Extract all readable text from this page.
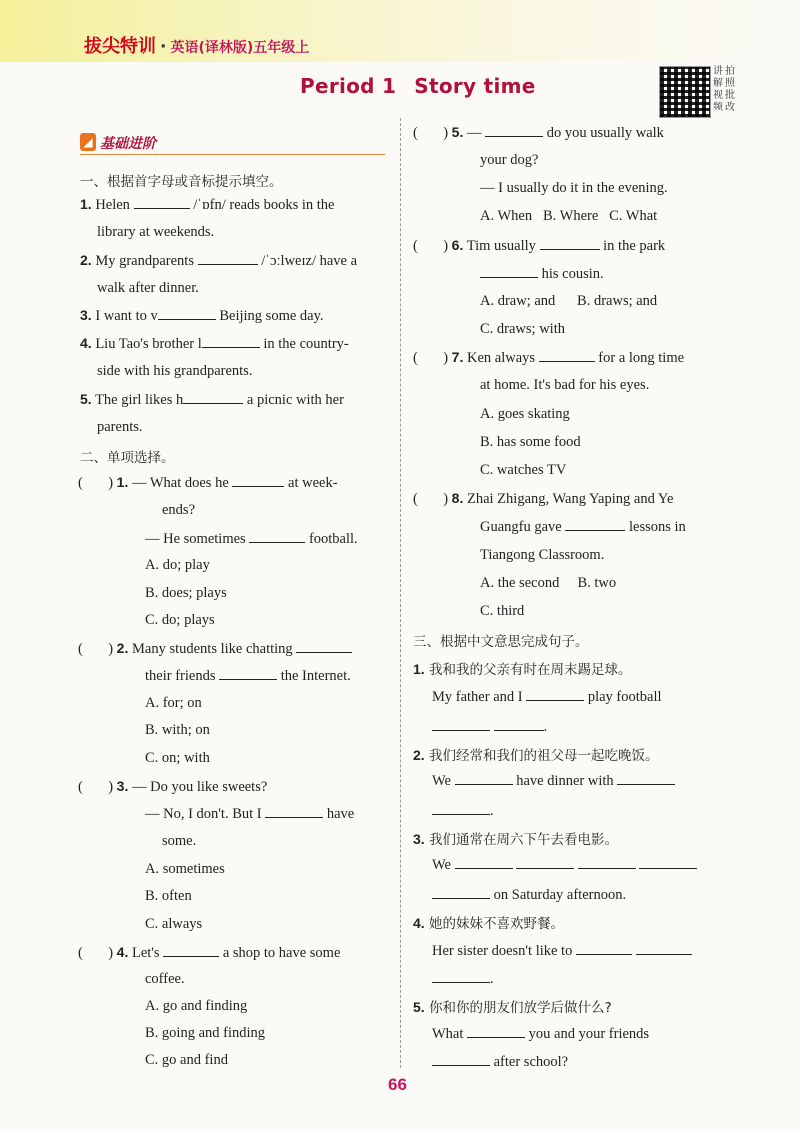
拔尖特训 · 英语(译林版)五年级上
Period 1 Story time
讲 拍
解 照
视 批
频 改
◢ 基础进阶
一、根据首字母或音标提示填空。
1. Helen	/ˈɒfn/ reads books in the
library at weekends.
2. My grandparents	/ˈɔːlweɪz/ have a
walk after dinner.
3. I want to v	Beijing some day.
4. Liu Tao's brother l	in the country-
side with his grandparents.
5. The girl likes h	a picnic with her
parents.
二、单项选择。
(       ) 1. — What does he	at week-
ends?
— He sometimes	football.
A. do; play
B. does; plays
C. do; plays
(       ) 2. Many students like chatting
their friends	the Internet.
A. for; on
B. with; on
C. on; with
(       ) 3. — Do you like sweets?
— No, I don't. But I	have
some.
A. sometimes
B. often
C. always
(       ) 4. Let's	a shop to have some
coffee.
A. go and finding
B. going and finding
C. go and find
(       ) 5. —	do you usually walk
your dog?
— I usually do it in the evening.
A. When B. Where C. What
(       ) 6. Tim usually	in the park
his cousin.
A. draw; and B. draws; and
C. draws; with
(       ) 7. Ken always	for a long time
at home. It's bad for his eyes.
A. goes skating
B. has some food
C. watches TV
(       ) 8. Zhai Zhigang, Wang Yaping and Ye
Guangfu gave	lessons in
Tiangong Classroom.
A. the second B. two
C. third
三、根据中文意思完成句子。
1. 我和我的父亲有时在周末踢足球。
My father and I	play football
.
2. 我们经常和我们的祖父母一起吃晚饭。
We	have dinner with
.
3. 我们通常在周六下午去看电影。
We
on Saturday afternoon.
4. 她的妹妹不喜欢野餐。
Her sister doesn't like to
.
5. 你和你的朋友们放学后做什么?
What	you and your friends
after school?
66
